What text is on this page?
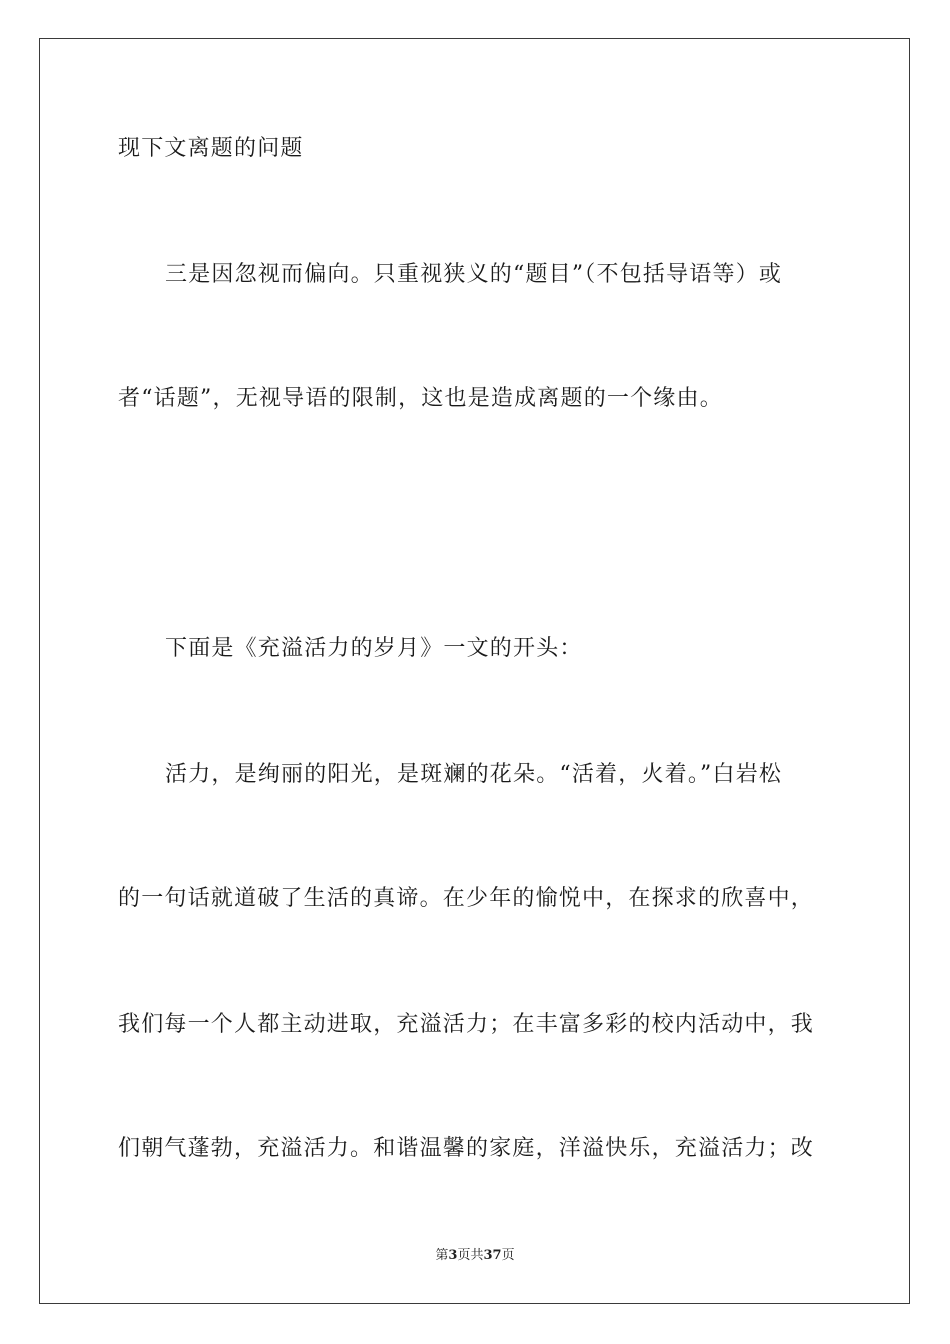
现下文离题的问题
三是因忽视而偏向。只重视狭义的“题目”（不包括导语等）或
者“话题”，无视导语的限制，这也是造成离题的一个缘由。
下面是《充溢活力的岁月》一文的开头：
活力，是绚丽的阳光，是斑斓的花朵。“活着，火着。”白岩松
的一句话就道破了生活的真谛。在少年的愉悦中，在探求的欣喜中，
我们每一个人都主动进取，充溢活力；在丰富多彩的校内活动中，我
们朝气蓬勃，充溢活力。和谐温馨的家庭，洋溢快乐，充溢活力；改
第3页共37页
